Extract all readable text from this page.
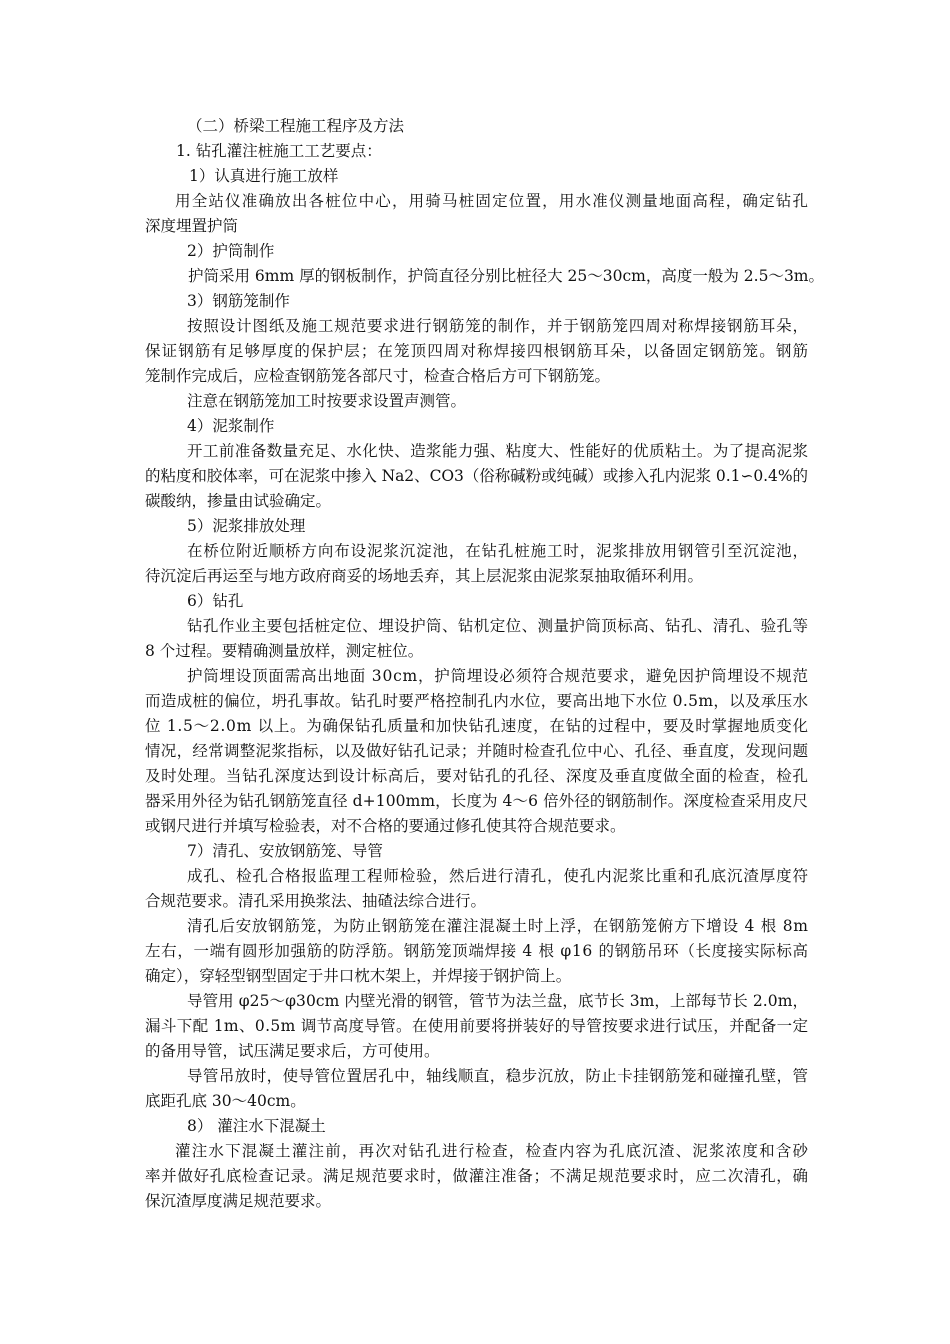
（二）桥梁工程施工程序及方法

1. 钻孔灌注桩施工工艺要点：

1）认真进行施工放样

用全站仪准确放出各桩位中心，用骑马桩固定位置，用水准仪测量地面高程，确定钻孔

深度埋置护筒

2）护筒制作

护筒采用 6mm 厚的钢板制作，护筒直径分别比桩径大 25～30cm，高度一般为 2.5～3m。

3）钢筋笼制作

按照设计图纸及施工规范要求进行钢筋笼的制作，并于钢筋笼四周对称焊接钢筋耳朵，

保证钢筋有足够厚度的保护层；在笼顶四周对称焊接四根钢筋耳朵，以备固定钢筋笼。钢筋

笼制作完成后，应检查钢筋笼各部尺寸，检查合格后方可下钢筋笼。

注意在钢筋笼加工时按要求设置声测管。

4）泥浆制作

开工前准备数量充足、水化快、造浆能力强、粘度大、性能好的优质粘土。为了提高泥浆

的粘度和胶体率，可在泥浆中掺入 Na2、CO3（俗称碱粉或纯碱）或掺入孔内泥浆 0.1∽0.4%的

碳酸纳，掺量由试验确定。

5）泥浆排放处理

在桥位附近顺桥方向布设泥浆沉淀池，在钻孔桩施工时，泥浆排放用钢管引至沉淀池，

待沉淀后再运至与地方政府商妥的场地丢弃，其上层泥浆由泥浆泵抽取循环利用。

6）钻孔

钻孔作业主要包括桩定位、埋设护筒、钻机定位、测量护筒顶标高、钻孔、清孔、验孔等

8 个过程。要精确测量放样，测定桩位。

护筒埋设顶面需高出地面 30cm，护筒埋设必须符合规范要求，避免因护筒埋设不规范

而造成桩的偏位，坍孔事故。钻孔时要严格控制孔内水位，要高出地下水位 0.5m，以及承压水

位 1.5～2.0m 以上。为确保钻孔质量和加快钻孔速度，在钻的过程中，要及时掌握地质变化

情况，经常调整泥浆指标，以及做好钻孔记录；并随时检查孔位中心、孔径、垂直度，发现问题

及时处理。当钻孔深度达到设计标高后，要对钻孔的孔径、深度及垂直度做全面的检查，检孔

器采用外径为钻孔钢筋笼直径 d+100mm，长度为 4～6 倍外径的钢筋制作。深度检查采用皮尺

或钢尺进行并填写检验表，对不合格的要通过修孔使其符合规范要求。

7）清孔、安放钢筋笼、导管

成孔、检孔合格报监理工程师检验，然后进行清孔，使孔内泥浆比重和孔底沉渣厚度符

合规范要求。清孔采用换浆法、抽碴法综合进行。

清孔后安放钢筋笼，为防止钢筋笼在灌注混凝土时上浮，在钢筋笼俯方下增设 4 根 8m

左右，一端有圆形加强筋的防浮筋。钢筋笼顶端焊接 4 根 φ16 的钢筋吊环（长度接实际标高

确定），穿轻型钢型固定于井口枕木架上，并焊接于钢护筒上。

导管用 φ25～φ30cm 内壁光滑的钢管，管节为法兰盘，底节长 3m，上部每节长 2.0m，

漏斗下配 1m、0.5m 调节高度导管。在使用前要将拼装好的导管按要求进行试压，并配备一定

的备用导管，试压满足要求后，方可使用。

导管吊放时，使导管位置居孔中，轴线顺直，稳步沉放，防止卡挂钢筋笼和碰撞孔壁，管

底距孔底 30～40cm。

8） 灌注水下混凝土

灌注水下混凝土灌注前，再次对钻孔进行检查，检查内容为孔底沉渣、泥浆浓度和含砂

率并做好孔底检查记录。满足规范要求时，做灌注准备；不满足规范要求时，应二次清孔，确

保沉渣厚度满足规范要求。
